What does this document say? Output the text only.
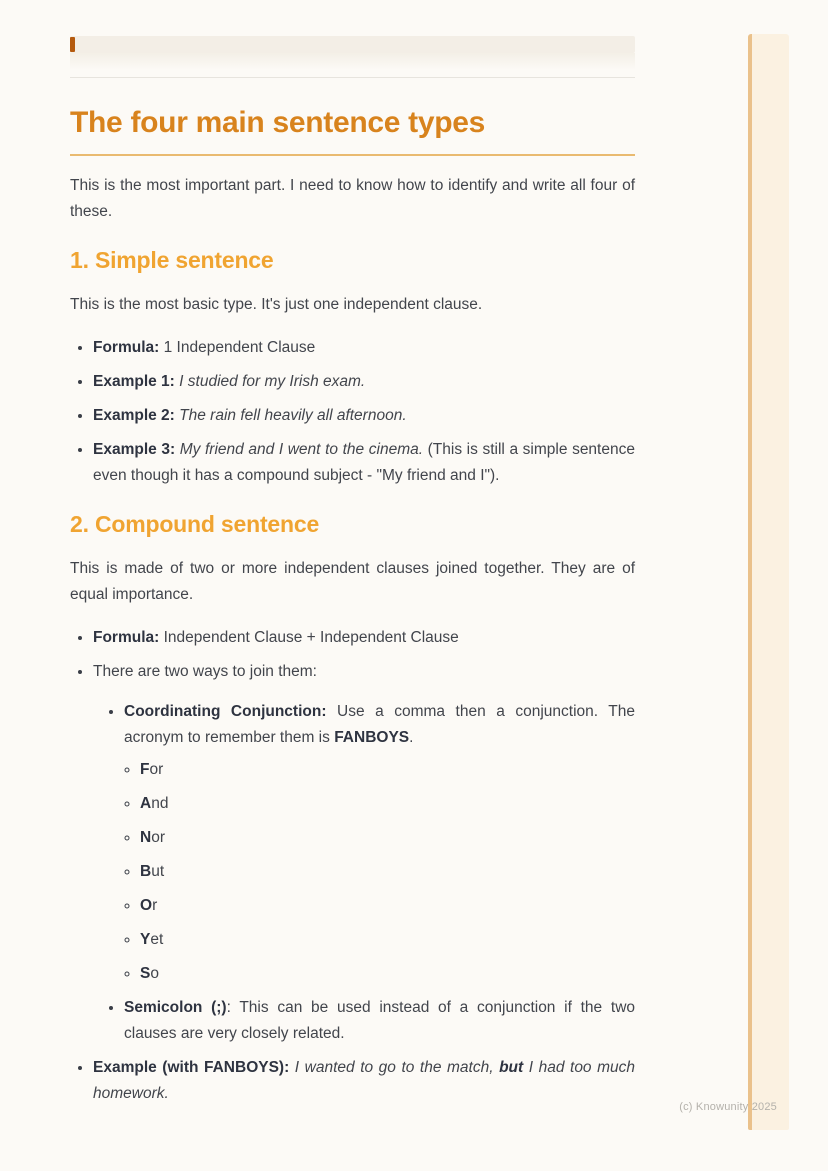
(c) Knowunity 2025
The four main sentence types

This is the most important part. I need to know how to identify and write all four of these.

1. Simple sentence

This is the most basic type. It's just one independent clause.

• Formula: 1 Independent Clause
• Example 1: I studied for my Irish exam.
• Example 2: The rain fell heavily all afternoon.
• Example 3: My friend and I went to the cinema. (This is still a simple sentence even though it has a compound subject - "My friend and I").
2. Compound sentence

This is made of two or more independent clauses joined together. They are of equal importance.

• Formula: Independent Clause + Independent Clause
• There are two ways to join them:
• Coordinating Conjunction: Use a comma then a conjunction. The acronym to remember them is FANBOYS.
◦ For
◦ And
◦ Nor
◦ But
◦ Or
◦ Yet
◦ So
• Semicolon (;): This can be used instead of a conjunction if the two clauses are very closely related.
• Example (with FANBOYS): I wanted to go to the match, but I had too much homework.
